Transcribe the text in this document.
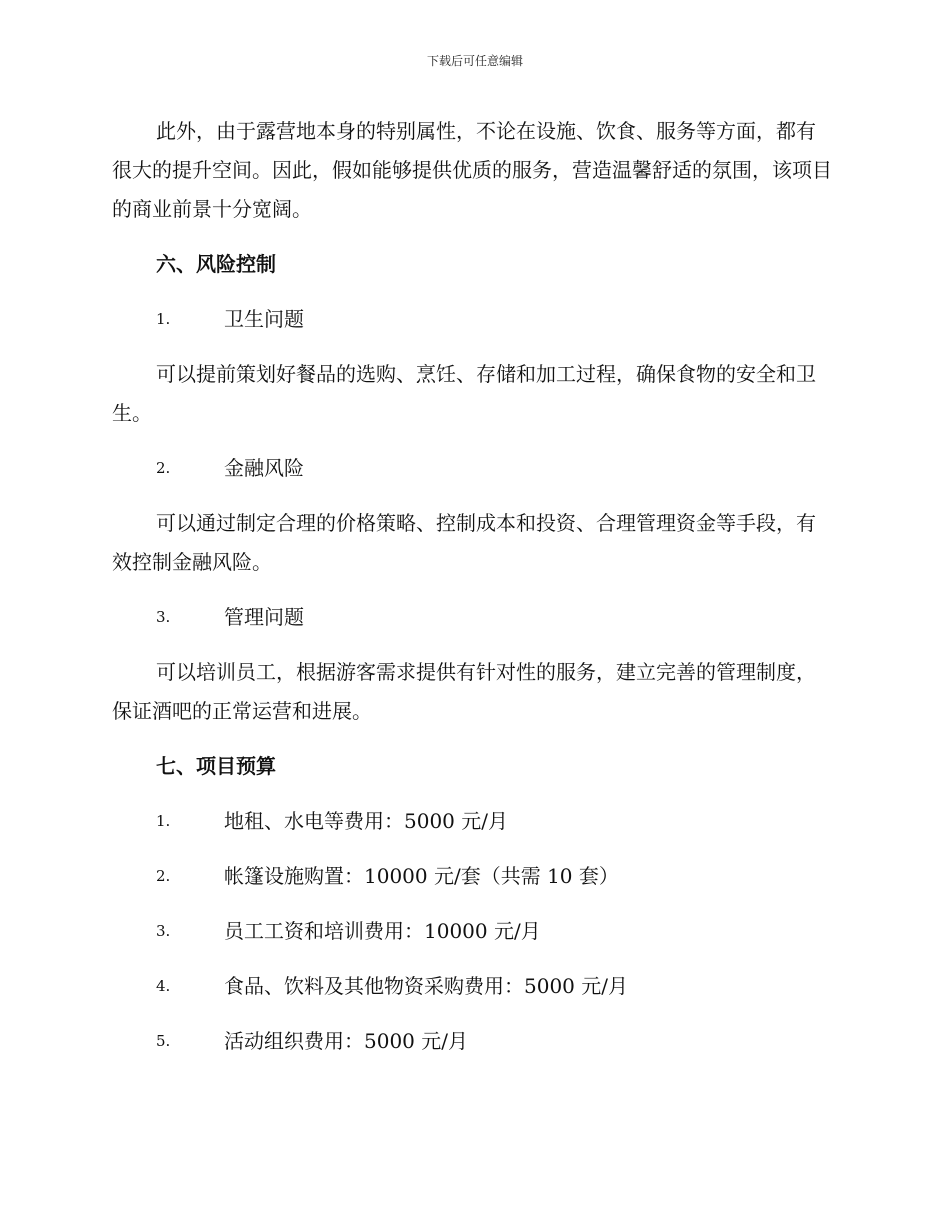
下载后可任意编辑

此外，由于露营地本身的特别属性，不论在设施、饮食、服务等方面，都有很大的提升空间。因此，假如能够提供优质的服务，营造温馨舒适的氛围，该项目的商业前景十分宽阔。

六、风险控制

1.	卫生问题

可以提前策划好餐品的选购、烹饪、存储和加工过程，确保食物的安全和卫生。

2.	金融风险

可以通过制定合理的价格策略、控制成本和投资、合理管理资金等手段，有效控制金融风险。

3.	管理问题

可以培训员工，根据游客需求提供有针对性的服务，建立完善的管理制度，保证酒吧的正常运营和进展。

七、项目预算

1.	地租、水电等费用：5000 元/月

2.	帐篷设施购置：10000 元/套（共需 10 套）

3.	员工工资和培训费用：10000 元/月

4.	食品、饮料及其他物资采购费用：5000 元/月

5.	活动组织费用：5000 元/月
